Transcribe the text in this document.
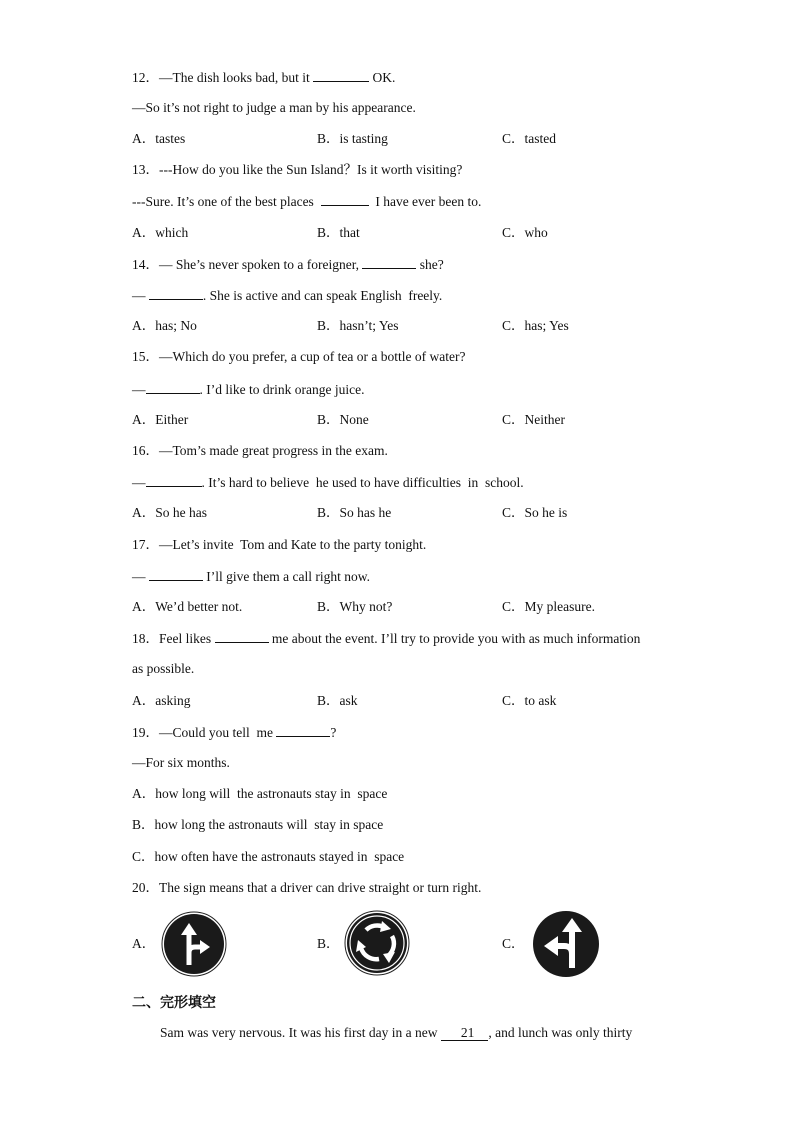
12．—The dish looks bad, but it	OK.
—So it’s not right to judge a man by his appearance.
A．tastes	B．is tasting	C．tasted
13．---How do you like the Sun Island？Is it worth visiting?
---Sure. It’s one of the best places	I have ever been to.
A．which	B．that	C．who
14．— She’s never spoken to a foreigner,	she?
—	. She is active and can speak English  freely.
A．has; No	B．hasn’t; Yes	C．has; Yes
15．—Which do you prefer, a cup of tea or a bottle of water?
—	. I’d like to drink orange juice.
A．Either	B．None	C．Neither
16．—Tom’s made great progress in the exam.
—	. It’s hard to believe  he used to have difficulties  in  school.
A．So he has	B．So has he	C．So he is
17．—Let’s invite  Tom and Kate to the party tonight.
—	I’ll give them a call right now.
A．We’d better not.	B．Why not?	C．My pleasure.
18．Feel likes	me about the event. I’ll try to provide you with as much information
as possible.
A．asking	B．ask	C．to ask
19．—Could you tell  me	?
—For six months.
A．how long will  the astronauts stay in  space
B．how long the astronauts will  stay in space
C．how often have the astronauts stayed in  space
20．The sign means that a driver can drive straight or turn right.
A．	B．	C．
二、完形填空
Sam was very nervous. It was his first day in a new 21 , and lunch was only thirty
